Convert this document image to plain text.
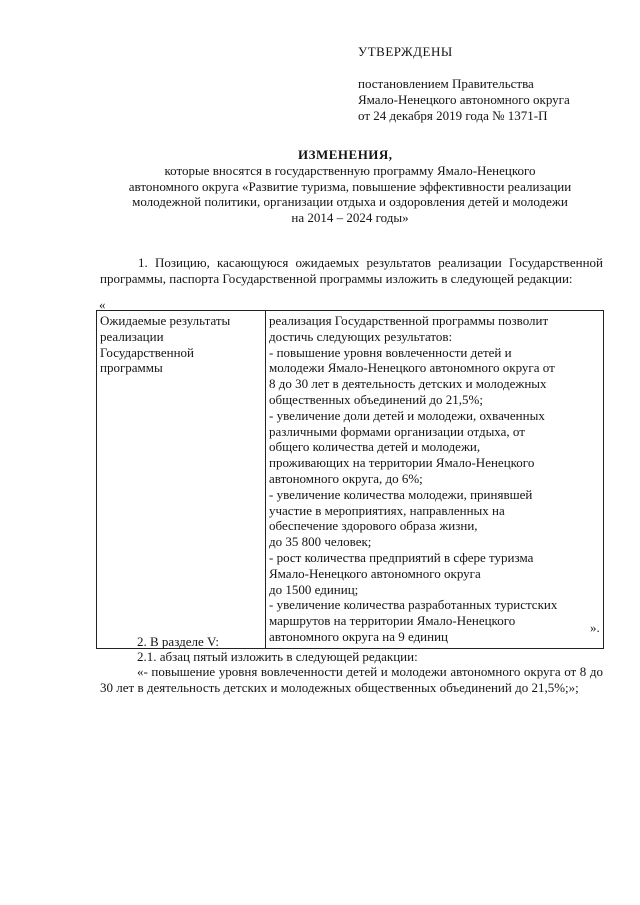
УТВЕРЖДЕНЫ
постановлением Правительства
Ямало-Ненецкого автономного округа
от 24 декабря 2019 года № 1371-П
ИЗМЕНЕНИЯ,
которые вносятся в государственную программу Ямало-Ненецкого
автономного округа «Развитие туризма, повышение эффективности реализации
молодежной политики, организации отдыха и оздоровления детей и молодежи
на 2014 – 2024 годы»
1. Позицию, касающуюся ожидаемых результатов реализации Государственной программы, паспорта Государственной программы изложить в следующей редакции:
«
Ожидаемые результаты
реализации
Государственной
программы

реализация Государственной программы позволит
достичь следующих результатов:
- повышение уровня вовлеченности детей и
молодежи Ямало-Ненецкого автономного округа от
8 до 30 лет в деятельность детских и молодежных
общественных объединений до 21,5%;
- увеличение доли детей и молодежи, охваченных
различными формами организации отдыха, от
общего количества детей и молодежи,
проживающих на территории Ямало-Ненецкого
автономного округа, до 6%;
- увеличение количества молодежи, принявшей
участие в мероприятиях, направленных на
обеспечение здорового образа жизни,
до 35 800 человек;
- рост количества предприятий в сфере туризма
Ямало-Ненецкого автономного округа
до 1500 единиц;
- увеличение количества разработанных туристских
маршрутов на территории Ямало-Ненецкого
автономного округа на 9 единиц
».
2. В разделе V:
2.1. абзац пятый изложить в следующей редакции:
«- повышение уровня вовлеченности детей и молодежи автономного округа от 8 до 30 лет в деятельность детских и молодежных общественных объединений до 21,5%;»;
